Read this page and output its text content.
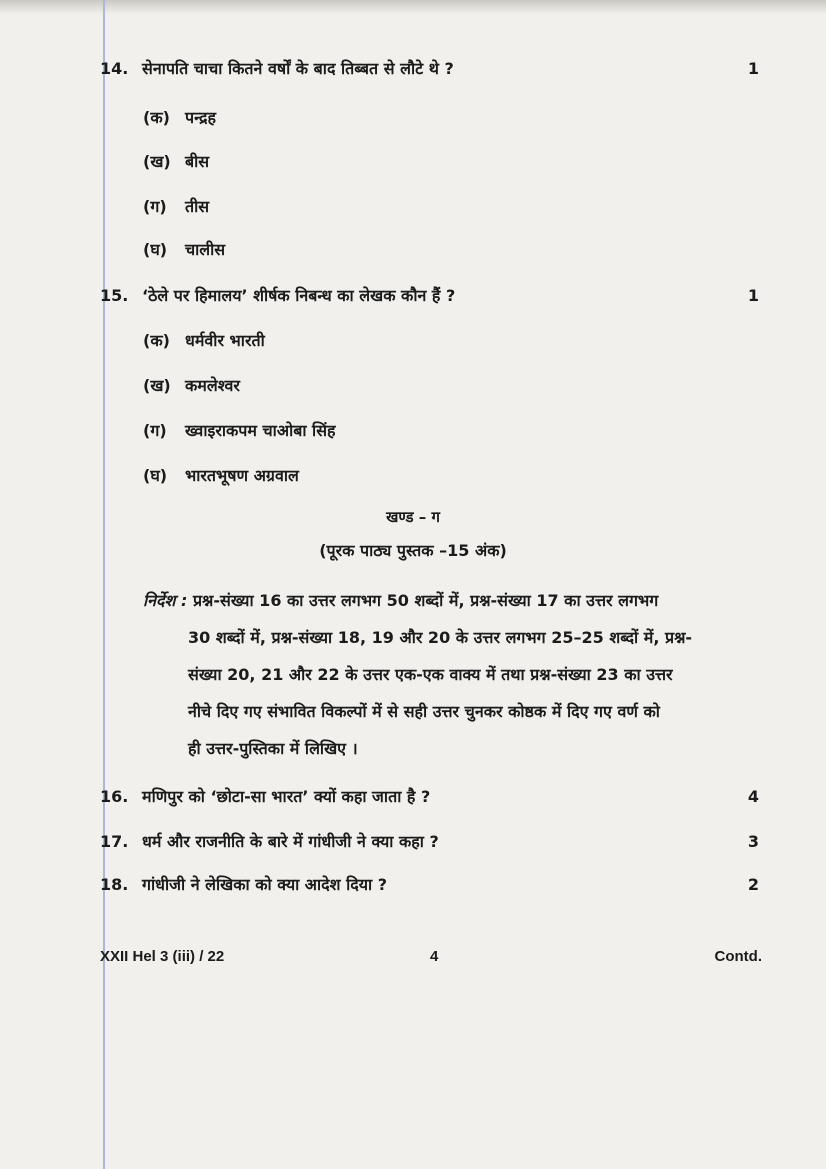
14. सेनापति चाचा कितने वर्षों के बाद तिब्बत से लौटे थे ?	1
(क) पन्द्रह
(ख) बीस
(ग) तीस
(घ) चालीस
15. ‘ठेले पर हिमालय’ शीर्षक निबन्ध का लेखक कौन हैं ?	1
(क) धर्मवीर भारती
(ख) कमलेश्वर
(ग) ख्वाइराकपम चाओबा सिंह
(घ) भारतभूषण अग्रवाल
खण्ड – ग
(पूरक पाठ्य पुस्तक –15 अंक)
निर्देश : प्रश्न-संख्या 16 का उत्तर लगभग 50 शब्दों में, प्रश्न-संख्या 17 का उत्तर लगभग
30 शब्दों में, प्रश्न-संख्या 18, 19 और 20 के उत्तर लगभग 25–25 शब्दों में, प्रश्न-
संख्या 20, 21 और 22 के उत्तर एक-एक वाक्य में तथा प्रश्न-संख्या 23 का उत्तर
नीचे दिए गए संभावित विकल्पों में से सही उत्तर चुनकर कोष्ठक में दिए गए वर्ण को
ही उत्तर-पुस्तिका में लिखिए ।
16. मणिपुर को ‘छोटा-सा भारत’ क्यों कहा जाता है ?	4
17. धर्म और राजनीति के बारे में गांधीजी ने क्या कहा ?	3
18. गांधीजी ने लेखिका को क्या आदेश दिया ?	2
XXII Hel 3 (iii) / 22	4	Contd.
